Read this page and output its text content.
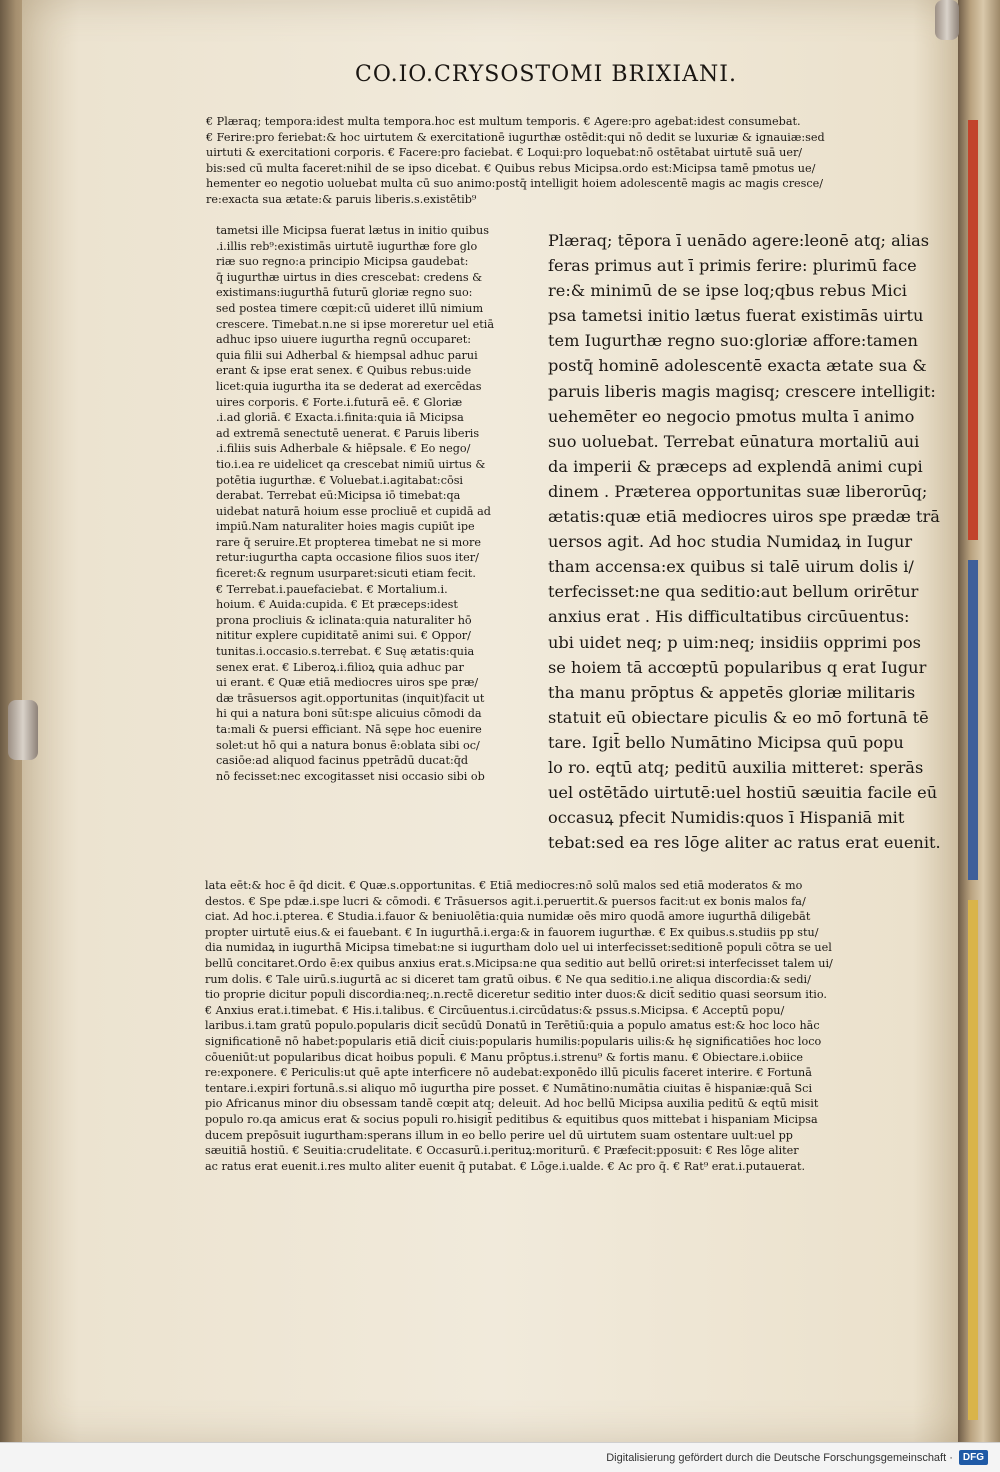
CO.IO.CRYSOSTOMI BRIXIANI.

€ Plæraq; tempora:idest multa tempora.hoc est multum temporis. € Agere:pro agebat:idest consumebat.

€ Ferire:pro feriebat:& hoc uirtutem & exercitationē iugurthæ ostēdit:qui nō dedit se luxuriæ & ignauiæ:sed

uirtuti & exercitationi corporis. € Facere:pro faciebat. € Loqui:pro loquebat:nō ostētabat uirtutē suā uer/

bis:sed cū multa faceret:nihil de se ipso dicebat. € Quibus rebus Micipsa.ordo est:Micipsa tamē pmotus ue/

hementer eo negotio uoluebat multa cū suo animo:postq̄ intelligit hoiem adolescentē magis ac magis cresce/

re:exacta sua ætate:& paruis liberis.s.existētib⁹

tametsi ille Micipsa fuerat lætus in initio quibus

.i.illis reb⁹:existimās uirtutē iugurthæ fore glo

riæ suo regno:a principio Micipsa gaudebat:

q̄ iugurthæ uirtus in dies crescebat: credens &

existimans:iugurthā futurū gloriæ regno suo:

sed postea timere cœpit:cū uideret illū nimium

crescere. Timebat.n.ne si ipse moreretur uel etiā

adhuc ipso uiuere iugurtha regnū occuparet:

quia filii sui Adherbal & hiempsal adhuc parui

erant & ipse erat senex. € Quibus rebus:uide

licet:quia iugurtha ita se dederat ad exercēdas

uires corporis. € Forte.i.futurā eē. € Gloriæ

.i.ad gloriā. € Exacta.i.finita:quia iā Micipsa

ad extremā senectutē uenerat. € Paruis liberis

.i.filiis suis Adherbale & hiēpsale. € Eo nego/

tio.i.ea re uidelicet qa crescebat nimiū uirtus &

potētia iugurthæ. € Voluebat.i.agitabat:cōsi

derabat. Terrebat eū:Micipsa iō timebat:qa

uidebat naturā hoium esse procliuē et cupidā ad

impiū.Nam naturaliter hoies magis cupiūt ipe

rare q̄ seruire.Et propterea timebat ne si more

retur:iugurtha capta occasione filios suos iter/

ficeret:& regnum usurparet:sicuti etiam fecit.

€ Terrebat.i.pauefaciebat. € Mortalium.i.

hoium. € Auida:cupida. € Et præceps:idest

prona procliuis & iclinata:quia naturaliter hō

nititur explere cupiditatē animi sui. € Oppor/

tunitas.i.occasio.s.terrebat. € Suę ætatis:quia

senex erat. € Liberoꝝ.i.filioꝝ quia adhuc par

ui erant. € Quæ etiā mediocres uiros spe præ/

dæ trāsuersos agit.opportunitas (inquit)facit ut

hi qui a natura boni sūt:spe alicuius cōmodi da

ta:mali & puersi efficiant. Nā sępe hoc euenire

solet:ut hō qui a natura bonus ē:oblata sibi oc/

casiōe:ad aliquod facinus ppetrādū ducat:q̄d

nō fecisset:nec excogitasset nisi occasio sibi ob

Plæraq; tēpora ī uenādo agere:leonē atq; alias

feras primus aut ī primis ferire: plurimū face

re:& minimū de se ipse loq;qbus rebus Mici

psa tametsi initio lætus fuerat existimās uirtu

tem Iugurthæ regno suo:gloriæ affore:tamen

postq̄ hominē adolescentē exacta ætate sua &

paruis liberis magis magisq; crescere intelligit:

uehemēter eo negocio pmotus multa ī animo

suo uoluebat. Terrebat eūnatura mortaliū aui

da imperii & præceps ad explendā animi cupi

dinem . Præterea opportunitas suæ liberorūq;

ætatis:quæ etiā mediocres uiros spe prædæ trā

uersos agit. Ad hoc studia Numidaꝝ in Iugur

tham accensa:ex quibus si talē uirum dolis i/

terfecisset:ne qua seditio:aut bellum orirētur

anxius erat . His difficultatibus circūuentus:

ubi uidet neq; p uim:neq; insidiis opprimi pos

se hoiem tā accœptū popularibus q erat Iugur

tha manu prōptus & appetēs gloriæ militaris

statuit eū obiectare piculis & eo mō fortunā tē

tare. Igit̄ bello Numātino Micipsa quū popu

lo ro. eqtū atq; peditū auxilia mitteret: sperās

uel ostētādo uirtutē:uel hostiū sæuitia facile eū

occasuꝝ pfecit Numidis:quos ī Hispaniā mit

tebat:sed ea res lōge aliter ac ratus erat euenit.

lata eēt:& hoc ē q̄d dicit. € Quæ.s.opportunitas. € Etiā mediocres:nō solū malos sed etiā moderatos & mo

destos. € Spe pdæ.i.spe lucri & cōmodi. € Trāsuersos agit.i.peruertit.& puersos facit:ut ex bonis malos fa/

ciat. Ad hoc.i.ptereа. € Studia.i.fauor & beniuolētia:quia numidæ oēs miro quodā amore iugurthā diligebāt

propter uirtutē eius.& ei fauebant. € In iugurthā.i.erga:& in fauorem iugurthæ. € Ex quibus.s.studiis pp stu/

dia numidaꝝ in iugurthā Micipsa timebat:ne si iugurtham dolo uel ui interfecisset:seditionē populi cōtra se uel

bellū concitaret.Ordo ē:ex quibus anxius erat.s.Micipsa:ne qua seditio aut bellū oriret:si interfecisset talem ui/

rum dolis. € Tale uirū.s.iugurtā ac si diceret tam gratū oibus. € Ne qua seditio.i.ne aliqua discordia:& sedi/

tio proprie dicitur populi discordia:neq;.n.rectē diceretur seditio inter duos:& dicit̄ seditio quasi seorsum itio.

€ Anxius erat.i.timebat. € His.i.talibus. € Circūuentus.i.circūdatus:& pssus.s.Micipsa. € Acceptū popu/

laribus.i.tam gratū populo.popularis dicit̄ secūdū Donatū in Terētiū:quia a populo amatus est:& hoc loco hāc

significationē nō habet:popularis etiā dicit̄ ciuis:popularis humilis:popularis uilis:& hę significatiōes hoc loco

cōueniūt:ut popularibus dicat hoibus populi. € Manu prōptus.i.strenu⁹ & fortis manu. € Obiectare.i.obiice

re:exponere. € Periculis:ut quē apte interficere nō audebat:exponēdo illū piculis faceret interire. € Fortunā

tentare.i.expiri fortunā.s.si aliquo mō iugurtha pire posset. € Numātino:numātia ciuitas ē hispaniæ:quā Sci

pio Africanus minor diu obsessam tandē cœpit atq; deleuit. Ad hoc bellū Micipsa auxilia peditū & eqtū misit

populo ro.qa amicus erat & socius populi ro.hisigit̄ peditibus & equitibus quos mittebat i hispaniam Micipsa

ducem prepōsuit iugurtham:sperans illum in eo bello perire uel dū uirtutem suam ostentare uult:uel pp

sæuitiā hostiū. € Seuitia:crudelitate. € Occasurū.i.perituꝝ:moriturū. € Præfecit:pposuit: € Res lōge aliter

ac ratus erat euenit.i.res multo aliter euenit q̄ putabat. € Lōge.i.ualde. € Ac pro q̄. € Rat⁹ erat.i.putauerat.

Digitalisierung gefördert durch die Deutsche Forschungsgemeinschaft ·	DFG
